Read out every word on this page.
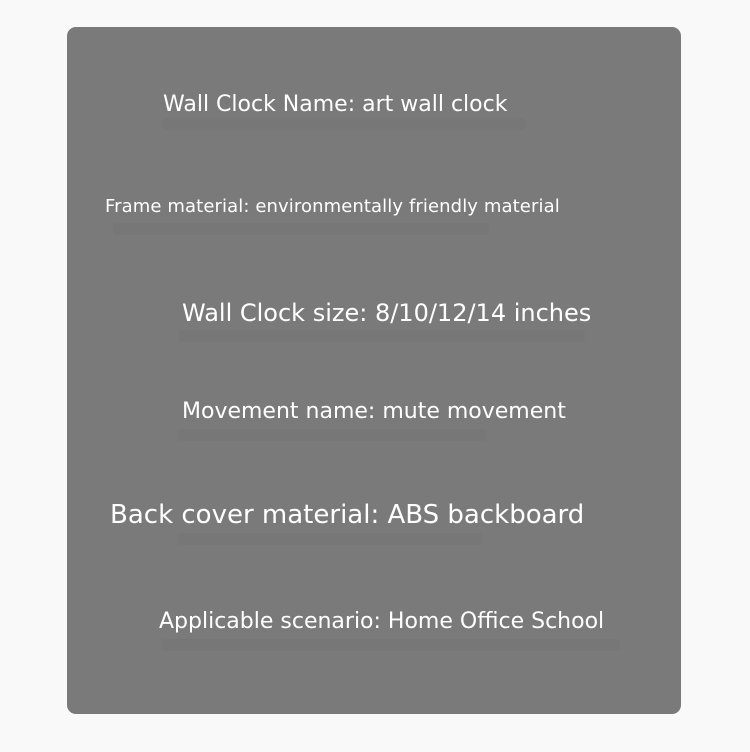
Wall Clock Name: art wall clock
Frame material: environmentally friendly material
Wall Clock size: 8/10/12/14 inches
Movement name: mute movement
Back cover material: ABS backboard
Applicable scenario: Home Office School
